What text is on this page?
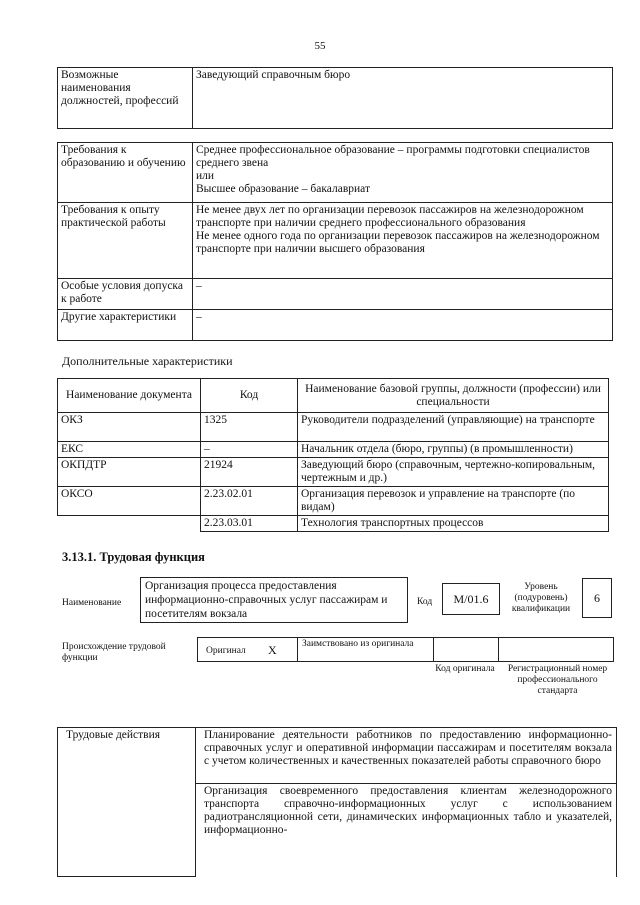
55
Возможные наименования должностей, профессий	Заведующий справочным бюро
Требования к образованию и обучению	Среднее профессиональное образование – программы подготовки специалистов среднего звена
или
Высшее образование – бакалавриат

Требования к опыту практической работы	Не менее двух лет по организации перевозок пассажиров на железнодорожном транспорте при наличии среднего профессионального образования
Не менее одного года по организации перевозок пассажиров на железнодорожном транспорте при наличии высшего образования

Особые условия допуска к работе	–
Другие характеристики	–
Дополнительные характеристики
Наименование документа	Код	Наименование базовой группы, должности (профессии) или специальности
ОКЗ	1325	Руководители подразделений (управляющие) на транспорте
ЕКС	–	Начальник отдела (бюро, группы) (в промышленности)
ОКПДТР	21924	Заведующий бюро (справочным, чертежно-копировальным, чертежным и др.)
ОКСО	2.23.02.01	Организация перевозок и управление на транспорте (по видам)
	2.23.03.01	Технология транспортных процессов
3.13.1. Трудовая функция
Наименование
Организация процесса предоставления информационно-справочных услуг пассажирам и посетителям вокзала
Код	M/01.6
Уровень (подуровень) квалификации
6
Происхождение трудовой функции
Оригинал X	Заимствовано из оригинала
Код оригинала Регистрационный номер профессионального стандарта
Трудовые действия	Планирование деятельности работников по предоставлению информационно-справочных услуг и оперативной информации пассажирам и посетителям вокзала с учетом количественных и качественных показателей работы справочного бюро
Организация своевременного предоставления клиентам железнодорожного транспорта справочно-информационных услуг с использованием радиотрансляционной сети, динамических информационных табло и указателей, информационно-
